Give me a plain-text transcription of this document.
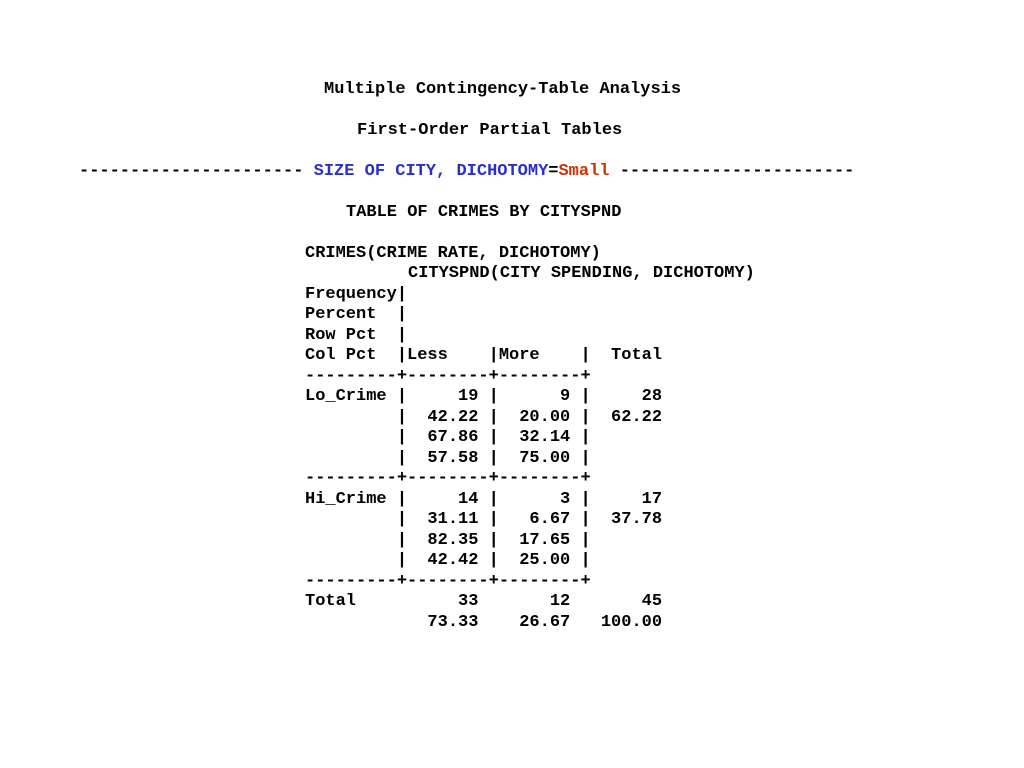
Multiple Contingency-Table Analysis
First-Order Partial Tables
---------------------- SIZE OF CITY, DICHOTOMY=Small -----------------------
TABLE OF CRIMES BY CITYSPND
CRIMES(CRIME RATE, DICHOTOMY)
CITYSPND(CITY SPENDING, DICHOTOMY)
Frequency|
Percent  |
Row Pct  |
Col Pct  |Less    |More    |  Total
---------+--------+--------+
Lo_Crime |     19 |      9 |     28
|  42.22 |  20.00 |  62.22
|  67.86 |  32.14 |
|  57.58 |  75.00 |
---------+--------+--------+
Hi_Crime |     14 |      3 |     17
|  31.11 |   6.67 |  37.78
|  82.35 |  17.65 |
|  42.42 |  25.00 |
---------+--------+--------+
Total          33       12       45
73.33    26.67   100.00
